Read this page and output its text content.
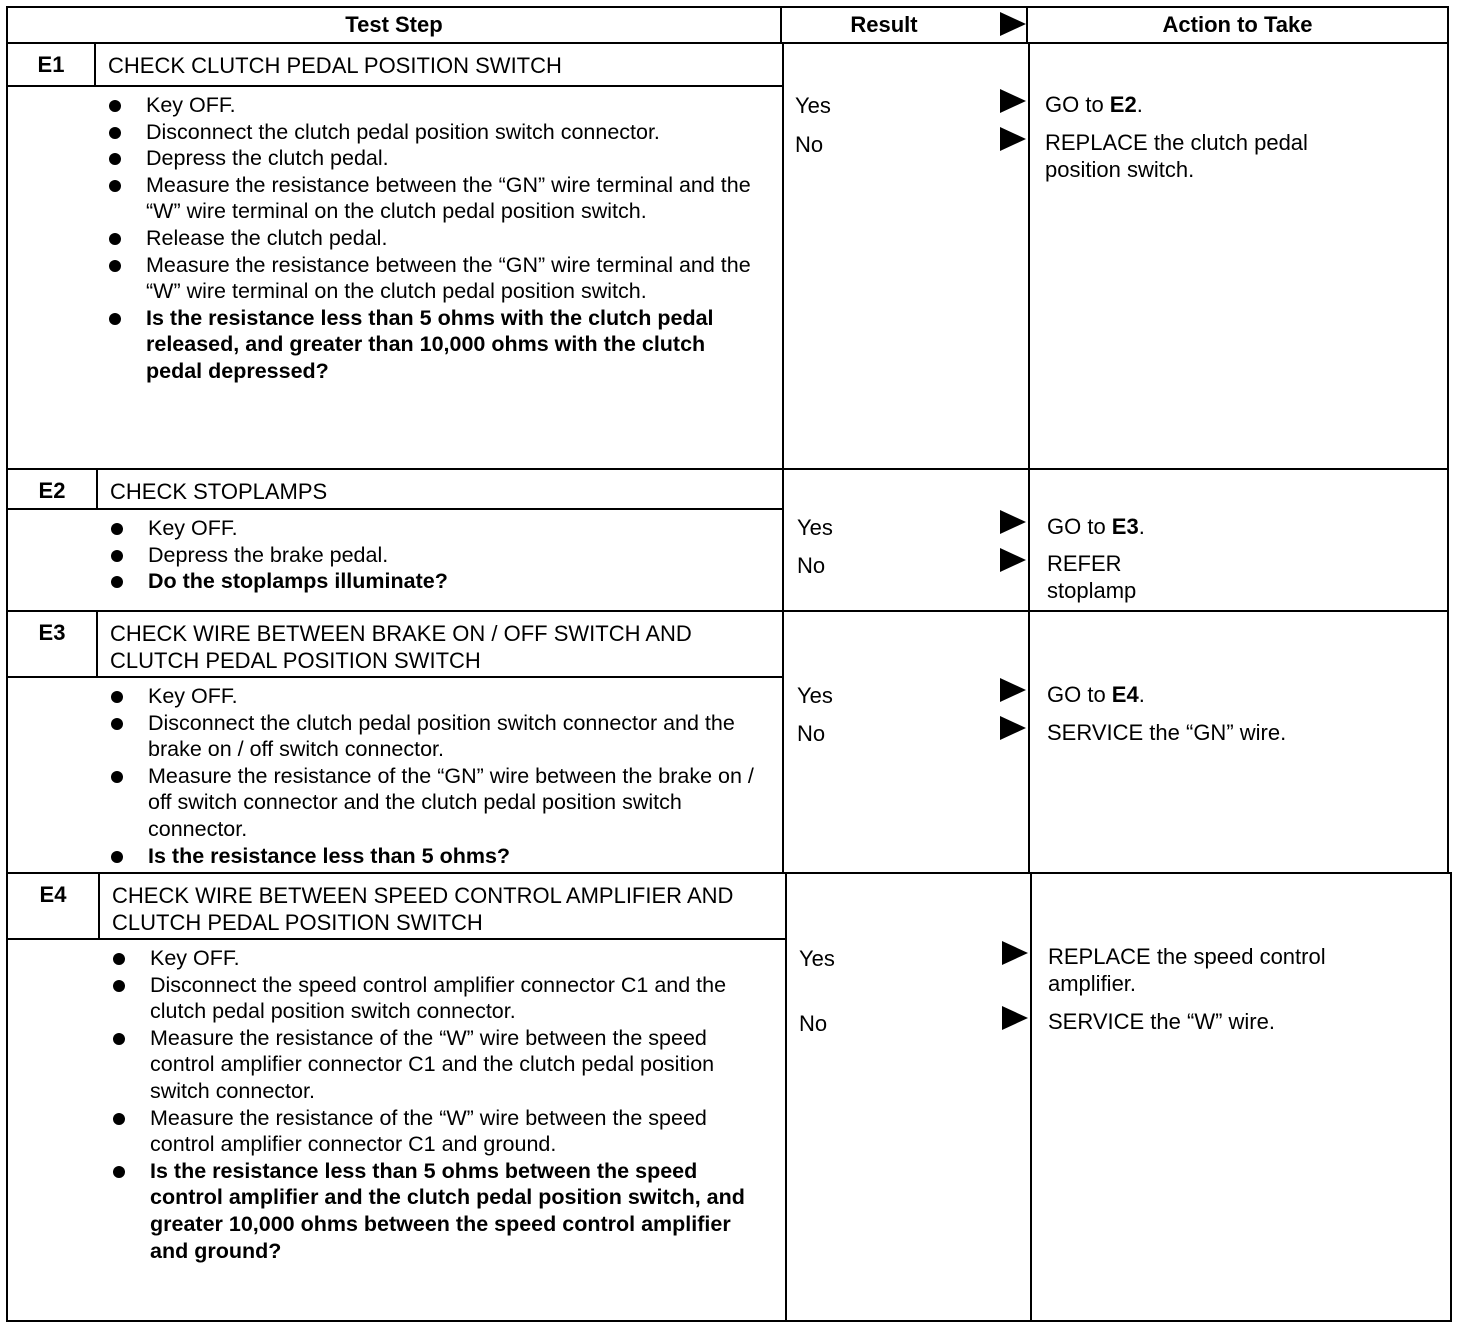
Test Step	Result	Action to Take
E1	CHECK CLUTCH PEDAL POSITION SWITCH
Key OFF.
Disconnect the clutch pedal position switch connector.
Depress the clutch pedal.
Measure the resistance between the “GN” wire terminal and the “W” wire terminal on the clutch pedal position switch.
Release the clutch pedal.
Measure the resistance between the “GN” wire terminal and the “W” wire terminal on the clutch pedal position switch.
Is the resistance less than 5 ohms with the clutch pedal released, and greater than 10,000 ohms with the clutch pedal depressed?
Yes	GO to E2.
No	REPLACE the clutch pedal position switch.
E2	CHECK STOPLAMPS
Key OFF.
Depress the brake pedal.
Do the stoplamps illuminate?
Yes	GO to E3.
No	REFER
stoplamp
E3	CHECK WIRE BETWEEN BRAKE ON / OFF SWITCH AND CLUTCH PEDAL POSITION SWITCH
Key OFF.
Disconnect the clutch pedal position switch connector and the brake on / off switch connector.
Measure the resistance of the “GN” wire between the brake on / off switch connector and the clutch pedal position switch connector.
Is the resistance less than 5 ohms?
Yes	GO to E4.
No	SERVICE the “GN” wire.
E4	CHECK WIRE BETWEEN SPEED CONTROL AMPLIFIER AND CLUTCH PEDAL POSITION SWITCH
Key OFF.
Disconnect the speed control amplifier connector C1 and the clutch pedal position switch connector.
Measure the resistance of the “W” wire between the speed control amplifier connector C1 and the clutch pedal position switch connector.
Measure the resistance of the “W” wire between the speed control amplifier connector C1 and ground.
Is the resistance less than 5 ohms between the speed control amplifier and the clutch pedal position switch, and greater 10,000 ohms between the speed control amplifier and ground?
Yes	REPLACE the speed control amplifier.
No	SERVICE the “W” wire.
